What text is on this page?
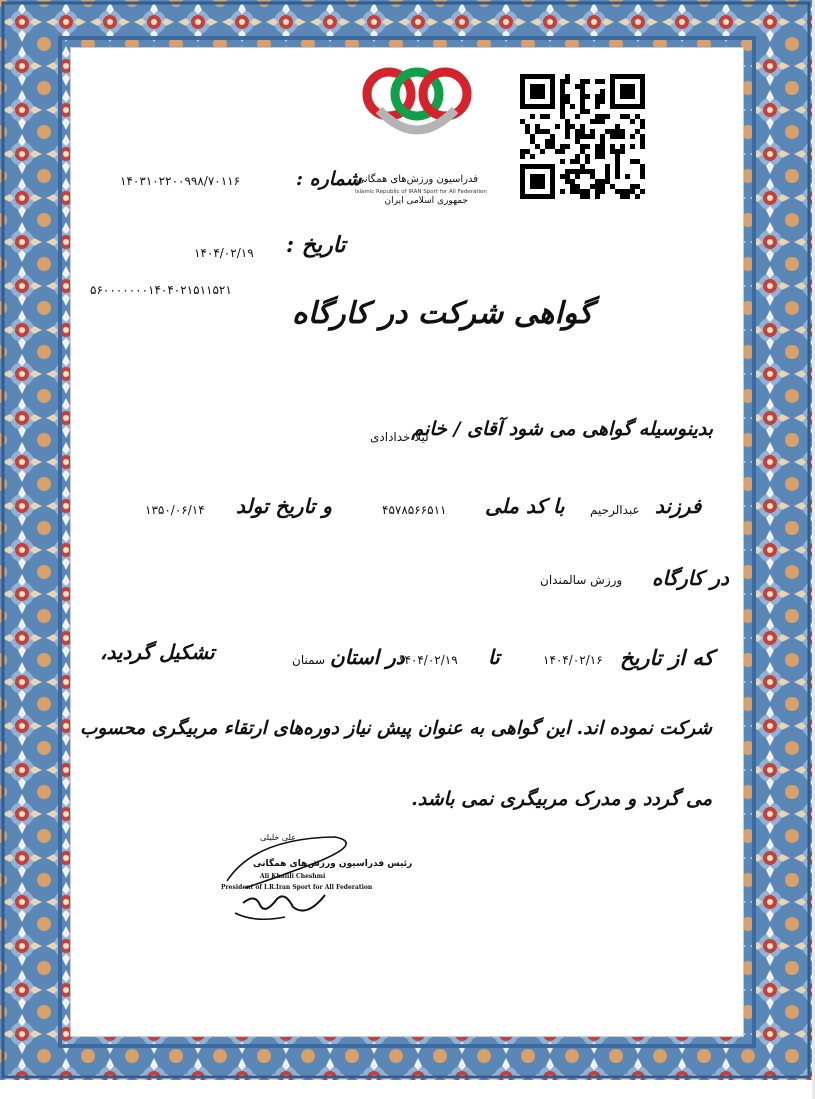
فدراسیون ورزش‌های همگانی
Islamic Republic of IRAN Sport for All Federation
جمهوری اسلامی ایران
شماره :
۱۴۰۳۱۰۲۲۰۰۹۹۸/۷۰۱۱۶
تاریخ :
۱۴۰۴/۰۲/۱۹
۵۶۰۰۰۰۰۰۰۱۴۰۴۰۲۱۵۱۱۵۲۱
گواهی شرکت در کارگاه
بدینوسیله گواهی می شود آقای / خانم
لیلا خدادادی
فرزند
عبدالرحیم
با کد ملی
۴۵۷۸۵۶۶۵۱۱
و تاریخ تولد
۱۳۵۰/۰۶/۱۴
در کارگاه
ورزش سالمندان
که از تاریخ
۱۴۰۴/۰۲/۱۶
تا
۱۴۰۴/۰۲/۱۹
در استان
سمنان
تشکیل گردید،
شرکت نموده اند. این گواهی به عنوان پیش نیاز دوره‌های ارتقاء مربیگری محسوب
می گردد و مدرک مربیگری نمی باشد.
علی خلیلی
رئیس فدراسیون ورزش‌های همگانی
Ali Khalili Cheshmi
President of I.R.Iran Sport for All Federation
